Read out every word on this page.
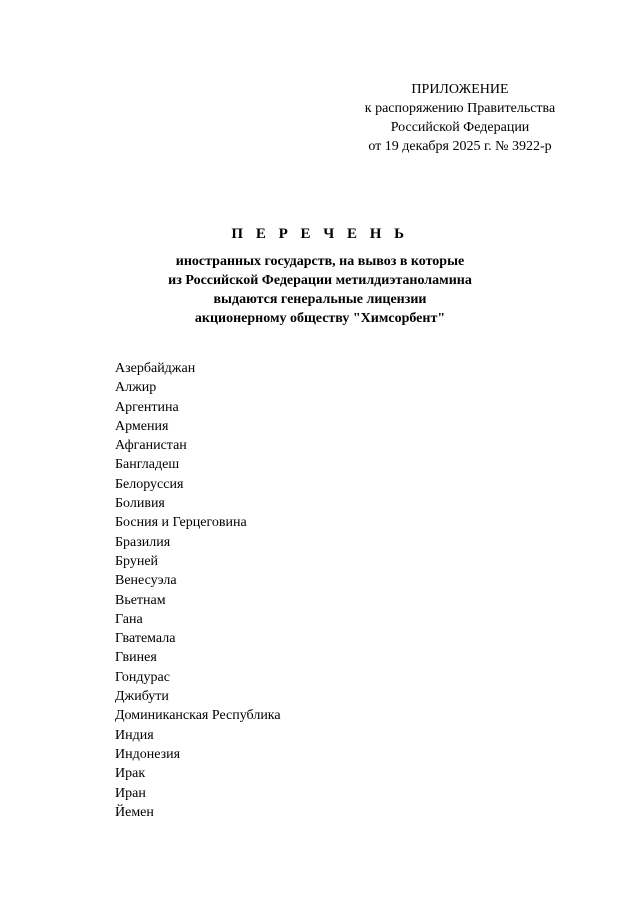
ПРИЛОЖЕНИЕ
к распоряжению Правительства
Российской Федерации
от 19 декабря 2025 г. № 3922-р
П Е Р Е Ч Е Н Ь
иностранных государств, на вывоз в которые
из Российской Федерации метилдиэтаноламина
выдаются генеральные лицензии
акционерному обществу "Химсорбент"
Азербайджан
Алжир
Аргентина
Армения
Афганистан
Бангладеш
Белоруссия
Боливия
Босния и Герцеговина
Бразилия
Бруней
Венесуэла
Вьетнам
Гана
Гватемала
Гвинея
Гондурас
Джибути
Доминиканская Республика
Индия
Индонезия
Ирак
Иран
Йемен
